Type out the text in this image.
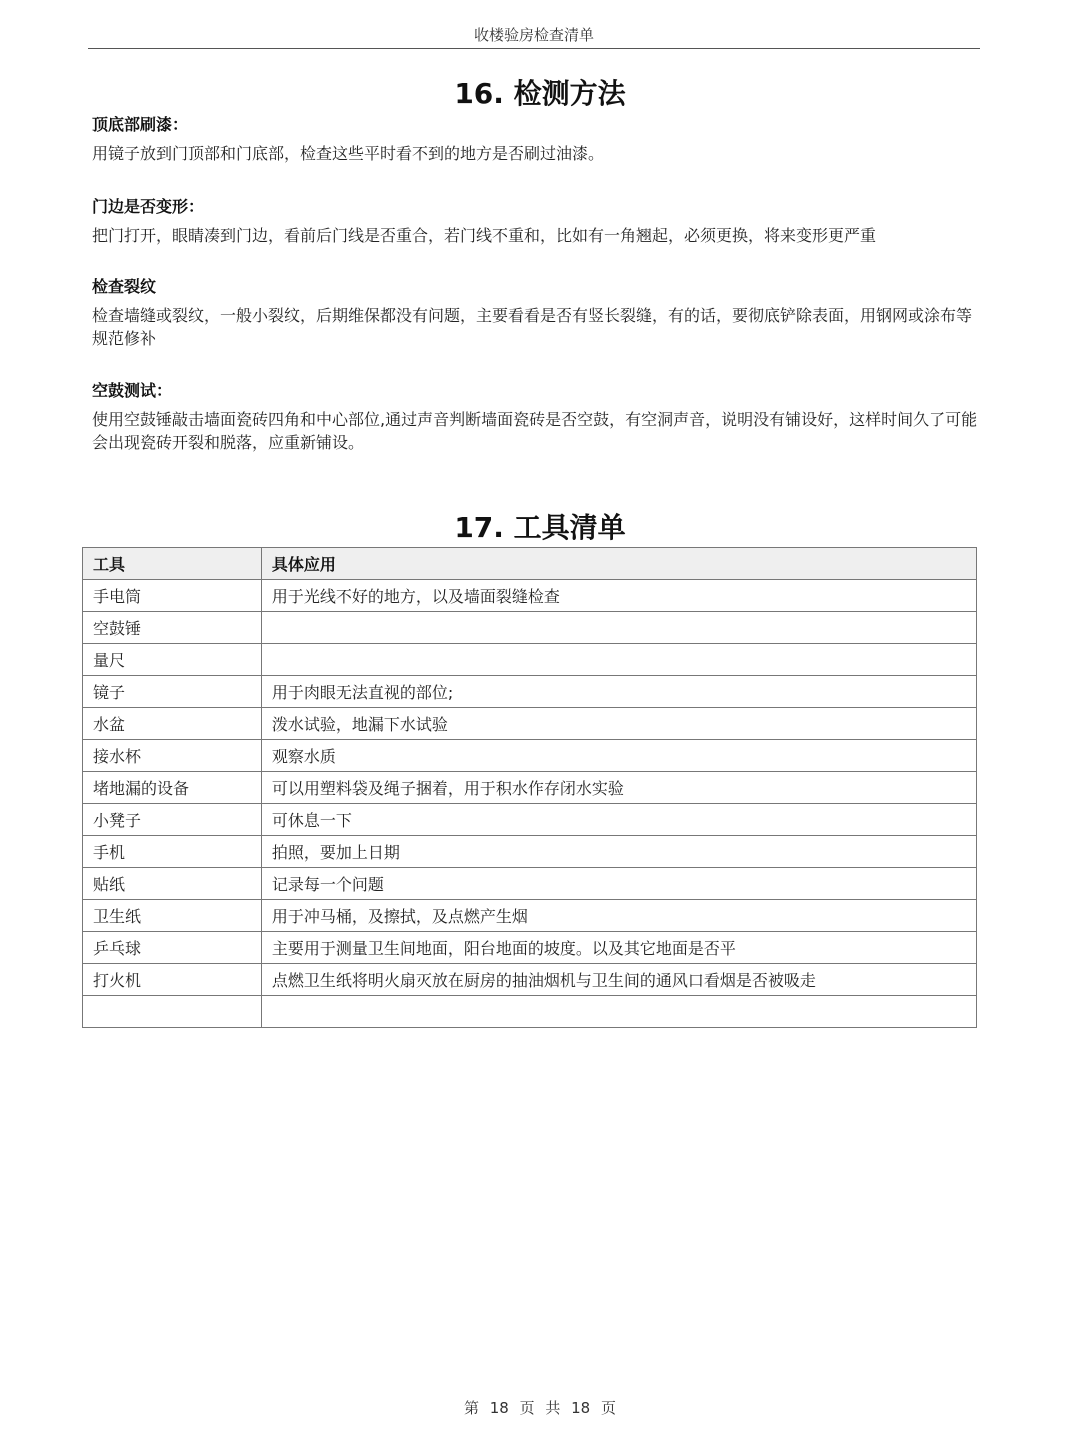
收楼验房检查清单
16. 检测方法
顶底部刷漆：
用镜子放到门顶部和门底部，检查这些平时看不到的地方是否刷过油漆。
门边是否变形：
把门打开，眼睛凑到门边，看前后门线是否重合，若门线不重和，比如有一角翘起，必须更换，将来变形更严重
检查裂纹
检查墙缝或裂纹，一般小裂纹，后期维保都没有问题，主要看看是否有竖长裂缝，有的话，要彻底铲除表面，用钢网或涂布等规范修补
空鼓测试：
使用空鼓锤敲击墙面瓷砖四角和中心部位,通过声音判断墙面瓷砖是否空鼓，有空洞声音，说明没有铺设好，这样时间久了可能会出现瓷砖开裂和脱落，应重新铺设。
17. 工具清单
工具	具体应用
手电筒	用于光线不好的地方，以及墙面裂缝检查
空鼓锤	
量尺	
镜子	用于肉眼无法直视的部位;
水盆	泼水试验，地漏下水试验
接水杯	观察水质
堵地漏的设备	可以用塑料袋及绳子捆着，用于积水作存闭水实验
小凳子	可休息一下
手机	拍照，要加上日期
贴纸	记录每一个问题
卫生纸	用于冲马桶，及擦拭，及点燃产生烟
乒乓球	主要用于测量卫生间地面，阳台地面的坡度。以及其它地面是否平
打火机	点燃卫生纸将明火扇灭放在厨房的抽油烟机与卫生间的通风口看烟是否被吸走

第 18 页 共 18 页
